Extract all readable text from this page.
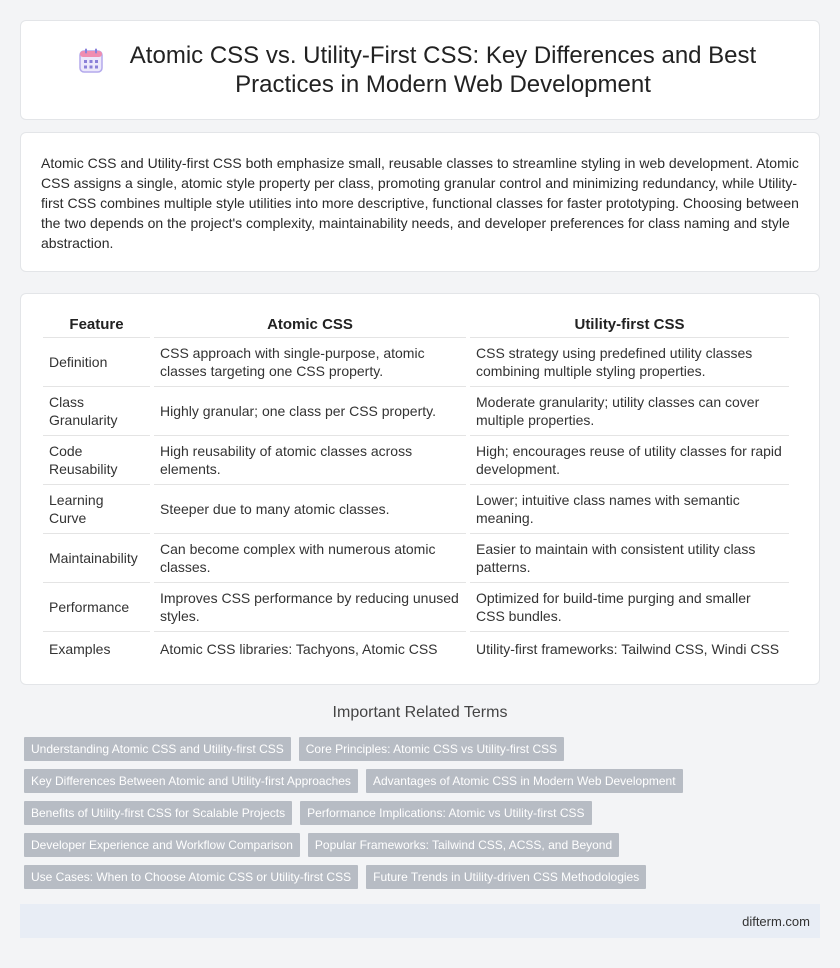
Atomic CSS vs. Utility-First CSS: Key Differences and Best Practices in Modern Web Development

Atomic CSS and Utility-first CSS both emphasize small, reusable classes to streamline styling in web development. Atomic CSS assigns a single, atomic style property per class, promoting granular control and minimizing redundancy, while Utility-first CSS combines multiple style utilities into more descriptive, functional classes for faster prototyping. Choosing between the two depends on the project's complexity, maintainability needs, and developer preferences for class naming and style abstraction.

Feature	Atomic CSS	Utility-first CSS
Definition	CSS approach with single-purpose, atomic classes targeting one CSS property.	CSS strategy using predefined utility classes combining multiple styling properties.
Class Granularity	Highly granular; one class per CSS property.	Moderate granularity; utility classes can cover multiple properties.
Code Reusability	High reusability of atomic classes across elements.	High; encourages reuse of utility classes for rapid development.
Learning Curve	Steeper due to many atomic classes.	Lower; intuitive class names with semantic meaning.
Maintainability	Can become complex with numerous atomic classes.	Easier to maintain with consistent utility class patterns.
Performance	Improves CSS performance by reducing unused styles.	Optimized for build-time purging and smaller CSS bundles.
Examples	Atomic CSS libraries: Tachyons, Atomic CSS	Utility-first frameworks: Tailwind CSS, Windi CSS
Important Related Terms
Understanding Atomic CSS and Utility-first CSS	Core Principles: Atomic CSS vs Utility-first CSS
Key Differences Between Atomic and Utility-first Approaches	Advantages of Atomic CSS in Modern Web Development
Benefits of Utility-first CSS for Scalable Projects	Performance Implications: Atomic vs Utility-first CSS
Developer Experience and Workflow Comparison	Popular Frameworks: Tailwind CSS, ACSS, and Beyond
Use Cases: When to Choose Atomic CSS or Utility-first CSS	Future Trends in Utility-driven CSS Methodologies
difterm.com
